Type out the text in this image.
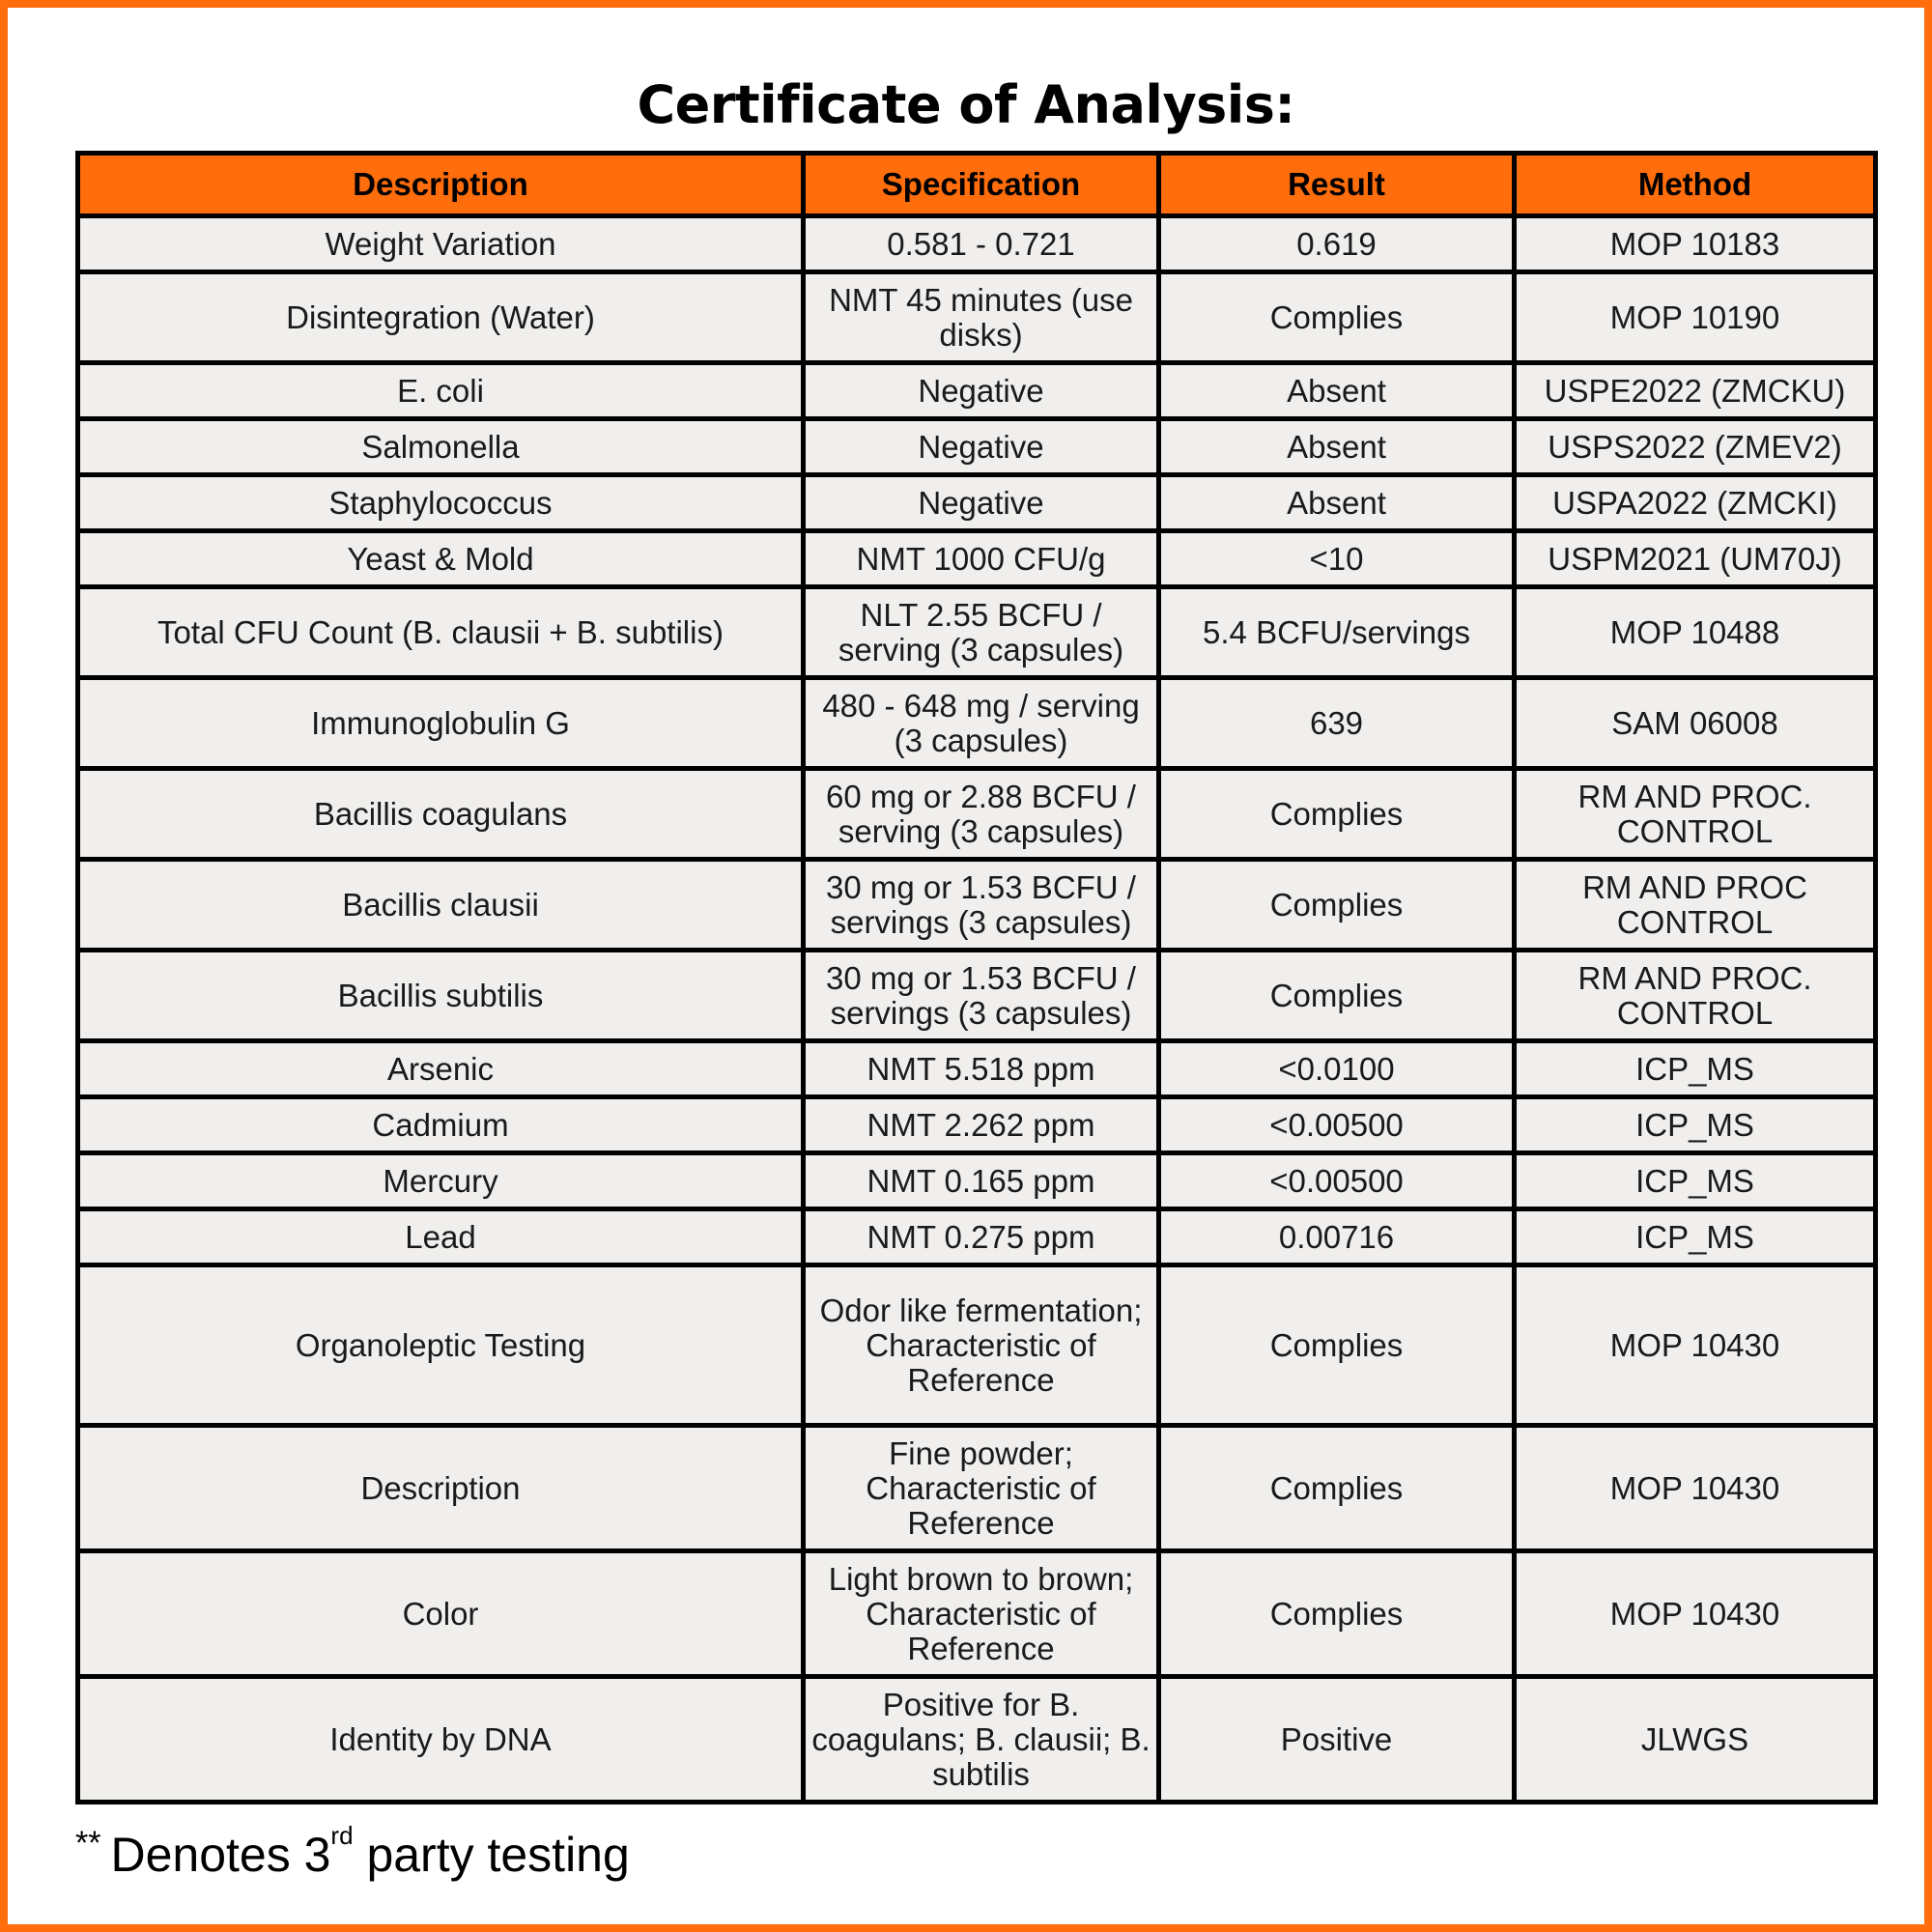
Certificate of Analysis:
Description	Specification	Result	Method
Weight Variation	0.581 - 0.721	0.619	MOP 10183
Disintegration (Water)	NMT 45 minutes (use disks)	Complies	MOP 10190
E. coli	Negative	Absent	USPE2022 (ZMCKU)
Salmonella	Negative	Absent	USPS2022 (ZMEV2)
Staphylococcus	Negative	Absent	USPA2022 (ZMCKI)
Yeast & Mold	NMT 1000 CFU/g	<10	USPM2021 (UM70J)
Total CFU Count (B. clausii + B. subtilis)	NLT 2.55 BCFU / serving (3 capsules)	5.4 BCFU/servings	MOP 10488
Immunoglobulin G	480 - 648 mg / serving (3 capsules)	639	SAM 06008
Bacillis coagulans	60 mg or 2.88 BCFU / serving (3 capsules)	Complies	RM AND PROC. CONTROL
Bacillis clausii	30 mg or 1.53 BCFU / servings (3 capsules)	Complies	RM AND PROC CONTROL
Bacillis subtilis	30 mg or 1.53 BCFU / servings (3 capsules)	Complies	RM AND PROC. CONTROL
Arsenic	NMT 5.518 ppm	<0.0100	ICP_MS
Cadmium	NMT 2.262 ppm	<0.00500	ICP_MS
Mercury	NMT 0.165 ppm	<0.00500	ICP_MS
Lead	NMT 0.275 ppm	0.00716	ICP_MS
Organoleptic Testing	Odor like fermentation; Characteristic of Reference	Complies	MOP 10430
Description	Fine powder; Characteristic of Reference	Complies	MOP 10430
Color	Light brown to brown; Characteristic of Reference	Complies	MOP 10430
Identity by DNA	Positive for B. coagulans; B. clausii; B. subtilis	Positive	JLWGS
** Denotes 3rd party testing
